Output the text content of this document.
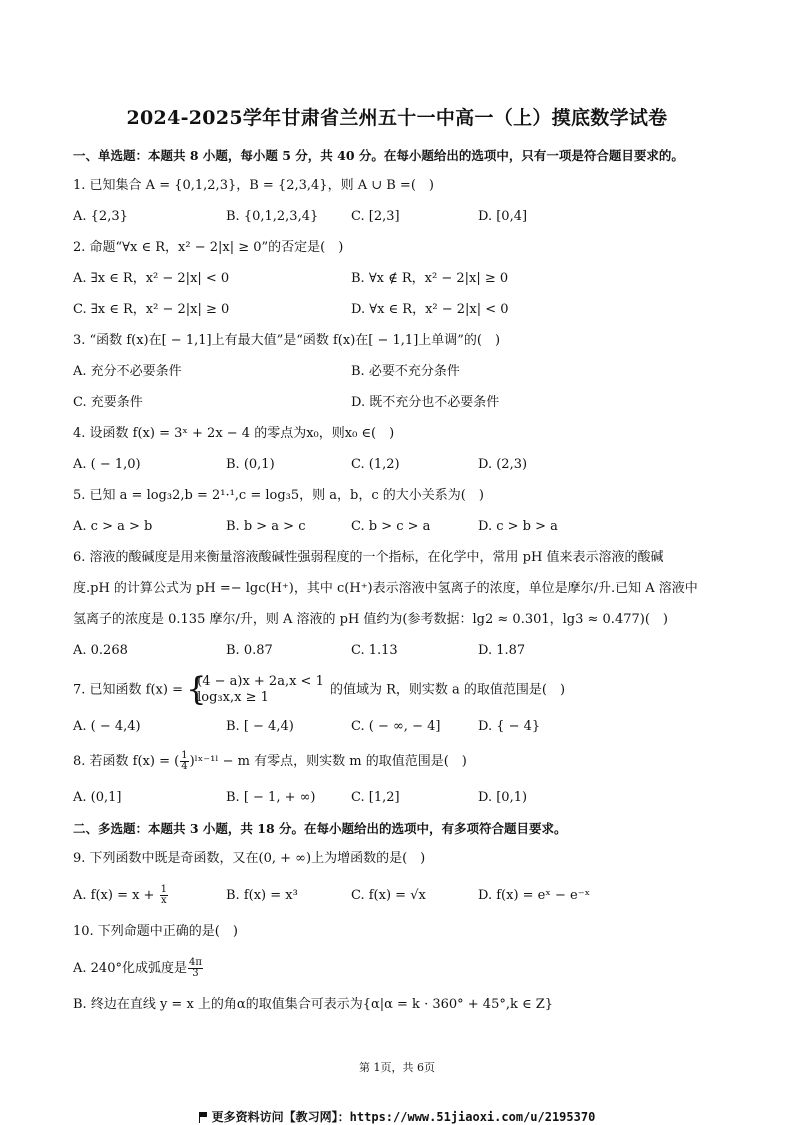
2024-2025学年甘肃省兰州五十一中高一（上）摸底数学试卷
一、单选题：本题共 8 小题，每小题 5 分，共 40 分。在每小题给出的选项中，只有一项是符合题目要求的。
1. 已知集合 A = {0,1,2,3}，B = {2,3,4}，则 A ∪ B =(　)
A. {2,3}	B. {0,1,2,3,4}	C. [2,3]	D. [0,4]
2. 命题“∀x ∈ R，x² − 2|x| ≥ 0”的否定是(　)
A. ∃x ∈ R，x² − 2|x| < 0	B. ∀x ∉ R，x² − 2|x| ≥ 0
C. ∃x ∈ R，x² − 2|x| ≥ 0	D. ∀x ∈ R，x² − 2|x| < 0
3. “函数 f(x)在[ − 1,1]上有最大值”是“函数 f(x)在[ − 1,1]上单调”的(　)
A. 充分不必要条件	B. 必要不充分条件
C. 充要条件	D. 既不充分也不必要条件
4. 设函数 f(x) = 3ˣ + 2x − 4 的零点为x₀，则x₀ ∈(　)
A. ( − 1,0)	B. (0,1)	C. (1,2)	D. (2,3)
5. 已知 a = log₃2,b = 2¹·¹,c = log₃5，则 a，b，c 的大小关系为(　)
A. c > a > b	B. b > a > c	C. b > c > a	D. c > b > a
6. 溶液的酸碱度是用来衡量溶液酸碱性强弱程度的一个指标，在化学中，常用 pH 值来表示溶液的酸碱
度.pH 的计算公式为 pH =− lgc(H⁺)，其中 c(H⁺)表示溶液中氢离子的浓度，单位是摩尔/升.已知 A 溶液中
氢离子的浓度是 0.135 摩尔/升，则 A 溶液的 pH 值约为(参考数据：lg2 ≈ 0.301，lg3 ≈ 0.477)(　)
A. 0.268	B. 0.87	C. 1.13	D. 1.87
7. 已知函数 f(x) =
{ (4 − a)x + 2a,x < 1
log₃x,x ≥ 1	的值域为 R，则实数 a 的取值范围是(　)
A. ( − 4,4)	B. [ − 4,4)	C. ( − ∞, − 4]	D. { − 4}
8. 若函数 f(x) = ( $\frac{1}{4}$ )ˡˣ⁻¹ˡ − m 有零点，则实数 m 的取值范围是(　)
A. (0,1]	B. [ − 1, + ∞)	C. [1,2]	D. [0,1)
二、多选题：本题共 3 小题，共 18 分。在每小题给出的选项中，有多项符合题目要求。
9. 下列函数中既是奇函数，又在(0, + ∞)上为增函数的是(　)
A. $f(x) = x + \frac{1}{x}$	B. f(x) = x³	C. f(x) = √x	D. f(x) = eˣ − e⁻ˣ
10. 下列命题中正确的是(　)
A. 240°化成弧度是 $\frac{4\pi}{3}$
B. 终边在直线 y = x 上的角α的取值集合可表示为{α|α = k · 360° + 45°,k ∈ Z}
第 1页，共 6页
更多资料访问【教习网】：https://www.51jiaoxi.com/u/2195370
